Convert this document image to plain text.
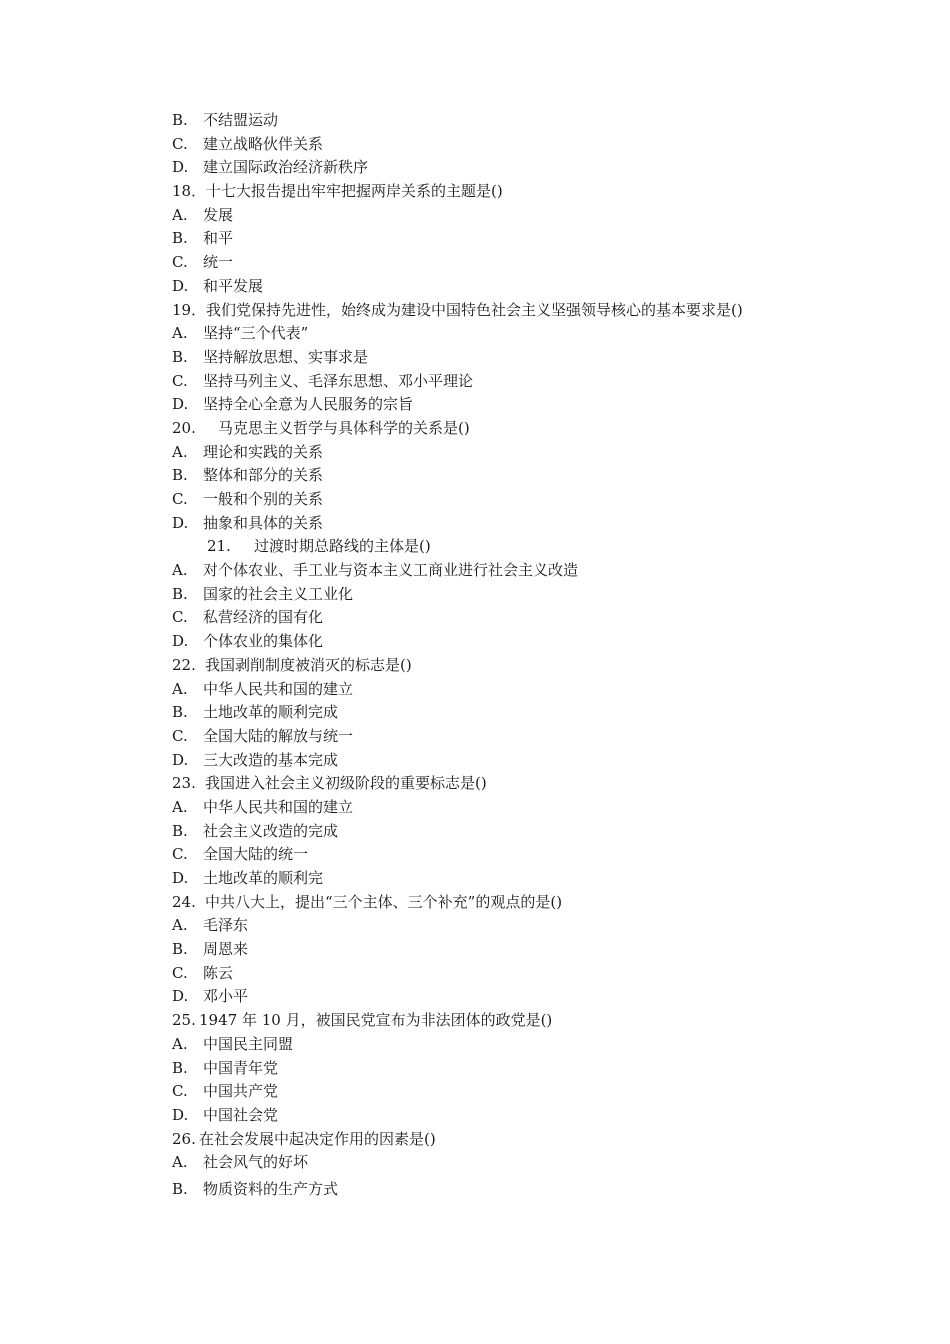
B. 不结盟运动
C. 建立战略伙伴关系
D. 建立国际政治经济新秩序
18．十七大报告提出牢牢把握两岸关系的主题是()
A. 发展
B. 和平
C. 统一
D. 和平发展
19．我们党保持先进性，始终成为建设中国特色社会主义坚强领导核心的基本要求是()
A. 坚持“三个代表”
B. 坚持解放思想、实事求是
C. 坚持马列主义、毛泽东思想、邓小平理论
D. 坚持全心全意为人民服务的宗旨
20. 马克思主义哲学与具体科学的关系是()
A. 理论和实践的关系
B. 整体和部分的关系
C. 一般和个别的关系
D. 抽象和具体的关系
21. 过渡时期总路线的主体是()
A. 对个体农业、手工业与资本主义工商业进行社会主义改造
B. 国家的社会主义工业化
C. 私营经济的国有化
D. 个体农业的集体化
22. 我国剥削制度被消灭的标志是()
A. 中华人民共和国的建立
B. 土地改革的顺利完成
C. 全国大陆的解放与统一
D. 三大改造的基本完成
23. 我国进入社会主义初级阶段的重要标志是()
A. 中华人民共和国的建立
B. 社会主义改造的完成
C. 全国大陆的统一
D. 土地改革的顺利完
24. 中共八大上，提出“三个主体、三个补充”的观点的是()
A. 毛泽东
B. 周恩来
C. 陈云
D. 邓小平
25. 1947 年 10 月，被国民党宣布为非法团体的政党是()
A. 中国民主同盟
B. 中国青年党
C. 中国共产党
D. 中国社会党
26. 在社会发展中起决定作用的因素是()
A. 社会风气的好坏
B. 物质资料的生产方式
